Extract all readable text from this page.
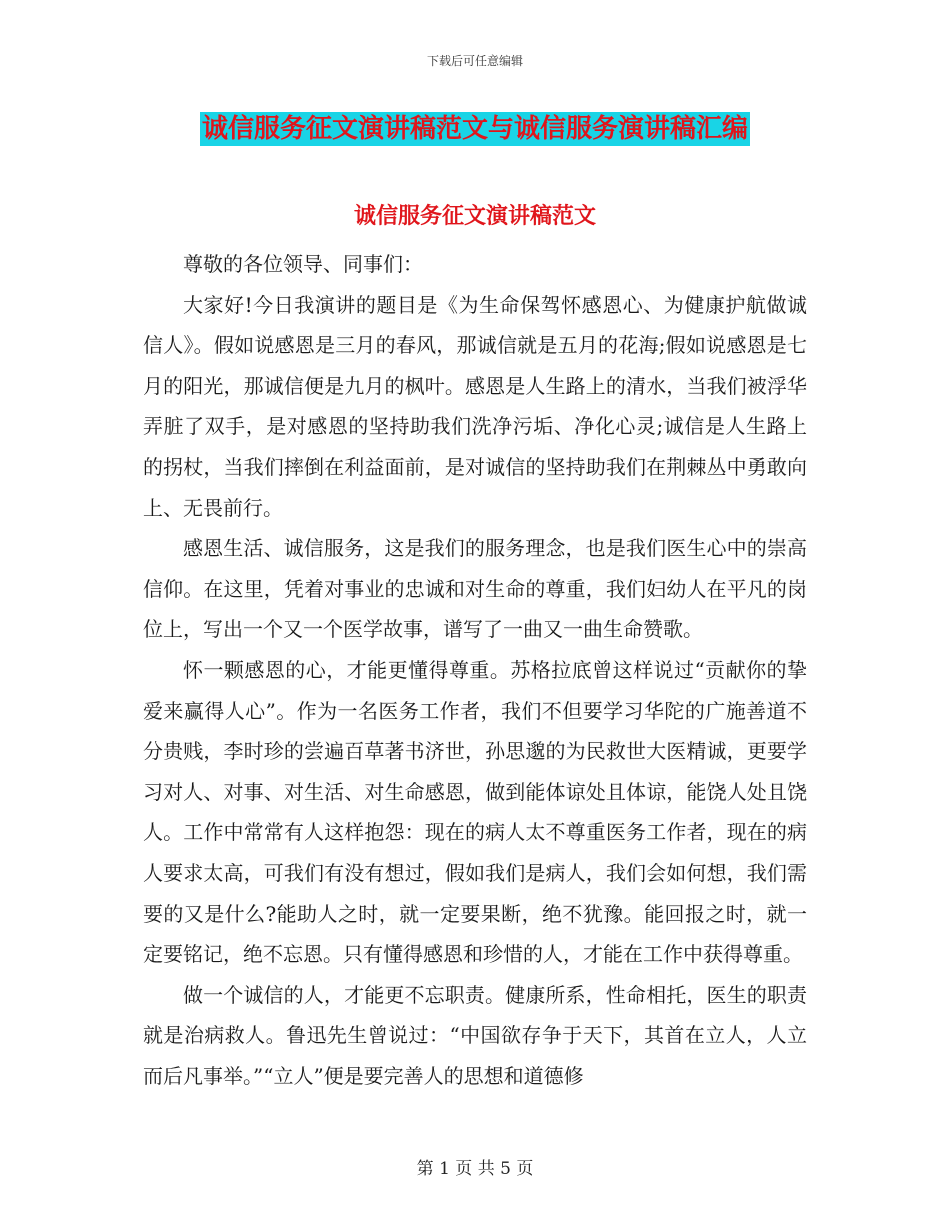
下载后可任意编辑
诚信服务征文演讲稿范文与诚信服务演讲稿汇编
诚信服务征文演讲稿范文

尊敬的各位领导、同事们：

大家好!今日我演讲的题目是《为生命保驾怀感恩心、为健康护航做诚信人》。假如说感恩是三月的春风，那诚信就是五月的花海;假如说感恩是七月的阳光，那诚信便是九月的枫叶。感恩是人生路上的清水，当我们被浮华弄脏了双手，是对感恩的坚持助我们洗净污垢、净化心灵;诚信是人生路上的拐杖，当我们摔倒在利益面前，是对诚信的坚持助我们在荆棘丛中勇敢向上、无畏前行。

感恩生活、诚信服务，这是我们的服务理念，也是我们医生心中的崇高信仰。在这里，凭着对事业的忠诚和对生命的尊重，我们妇幼人在平凡的岗位上，写出一个又一个医学故事，谱写了一曲又一曲生命赞歌。

怀一颗感恩的心，才能更懂得尊重。苏格拉底曾这样说过“贡献你的挚爱来赢得人心”。作为一名医务工作者，我们不但要学习华陀的广施善道不分贵贱，李时珍的尝遍百草著书济世，孙思邈的为民救世大医精诚，更要学习对人、对事、对生活、对生命感恩，做到能体谅处且体谅，能饶人处且饶人。工作中常常有人这样抱怨：现在的病人太不尊重医务工作者，现在的病人要求太高，可我们有没有想过，假如我们是病人，我们会如何想，我们需要的又是什么?能助人之时，就一定要果断，绝不犹豫。能回报之时，就一定要铭记，绝不忘恩。只有懂得感恩和珍惜的人，才能在工作中获得尊重。

做一个诚信的人，才能更不忘职责。健康所系，性命相托，医生的职责就是治病救人。鲁迅先生曾说过：“中国欲存争于天下，其首在立人，人立而后凡事举。”“立人”便是要完善人的思想和道德修

第 1 页 共 5 页
